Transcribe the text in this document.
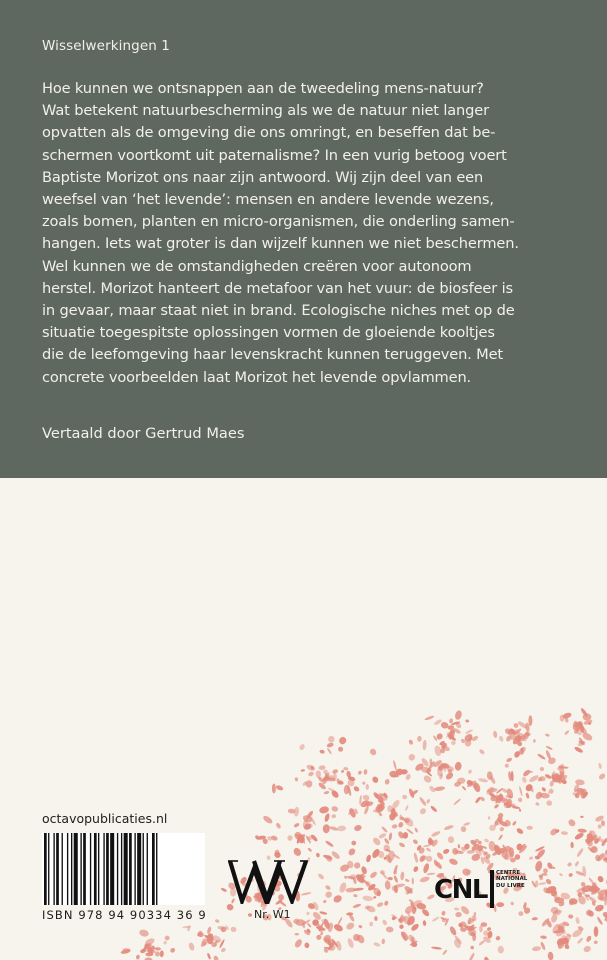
Wisselwerkingen 1
Hoe kunnen we ontsnappen aan de tweedeling mens-natuur?
Wat betekent natuurbescherming als we de natuur niet langer
opvatten als de omgeving die ons omringt, en beseffen dat be-
schermen voortkomt uit paternalisme? In een vurig betoog voert
Baptiste Morizot ons naar zijn antwoord. Wij zijn deel van een
weefsel van ‘het levende’: mensen en andere levende wezens,
zoals bomen, planten en micro-organismen, die onderling samen-
hangen. Iets wat groter is dan wijzelf kunnen we niet beschermen.
Wel kunnen we de omstandigheden creëren voor autonoom
herstel. Morizot hanteert de metafoor van het vuur: de biosfeer is
in gevaar, maar staat niet in brand. Ecologische niches met op de
situatie toegespitste oplossingen vormen de gloeiende kooltjes
die de leefomgeving haar levenskracht kunnen teruggeven. Met
concrete voorbeelden laat Morizot het levende opvlammen.
Vertaald door Gertrud Maes
octavopublicaties.nl
ISBN 978 94 90334 36 9	Nr. W1
CNL
CENTRE
NATIONAL
DU LIVRE
